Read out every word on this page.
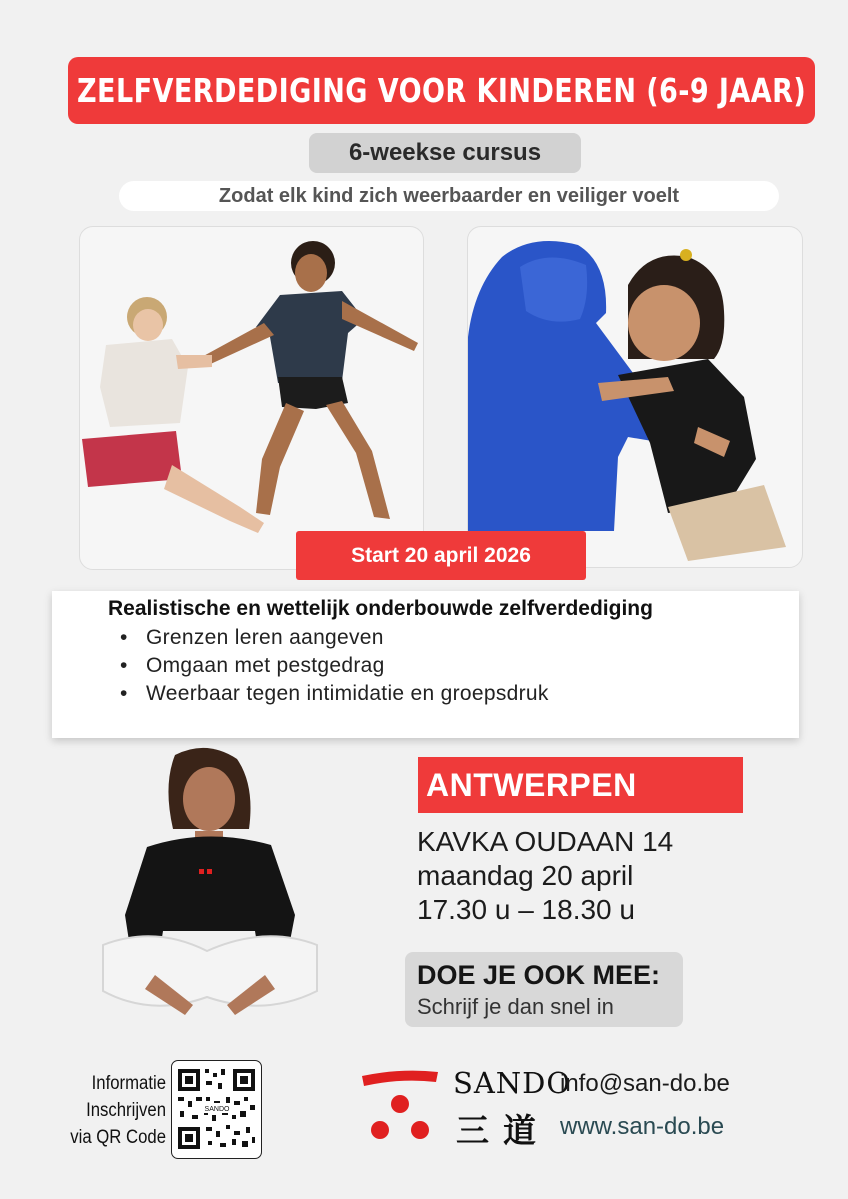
ZELFVERDEDIGING VOOR KINDEREN (6-9 JAAR)
6-weekse cursus
Zodat elk kind zich weerbaarder en veiliger voelt
Start 20 april 2026
Realistische en wettelijk onderbouwde zelfverdediging
• Grenzen leren aangeven
• Omgaan met pestgedrag
• Weerbaar tegen intimidatie en groepsdruk
ANTWERPEN
KAVKA OUDAAN 14
maandag 20 april
17.30 u – 18.30 u
DOE JE OOK MEE:
Schrijf je dan snel in
Informatie
Inschrijven
via QR Code
SANDO
SANDO
三道
info@san-do.be
www.san-do.be
